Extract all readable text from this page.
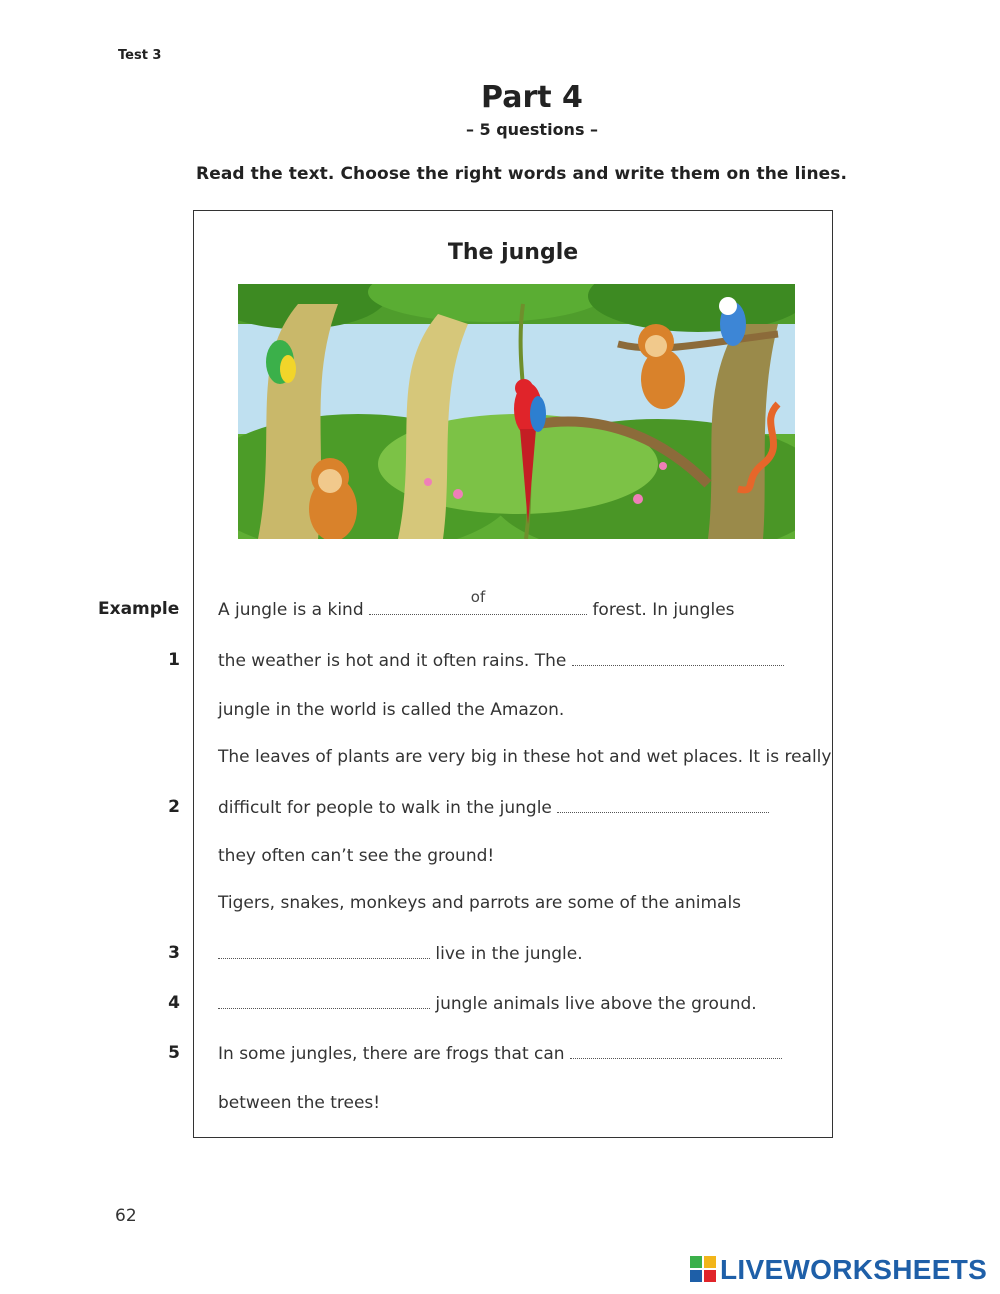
Test 3
Part 4
– 5 questions –
Read the text. Choose the right words and write them on the lines.
The jungle
Example
1
2
3
4
5
A jungle is a kind
of
forest. In jungles
the weather is hot and it often rains. The
jungle in the world is called the Amazon.
The leaves of plants are very big in these hot and wet places. It is really
difficult for people to walk in the jungle
they often can’t see the ground!
Tigers, snakes, monkeys and parrots are some of the animals
live in the jungle.
jungle animals live above the ground.
In some jungles, there are frogs that can
between the trees!
62
LIVEWORKSHEETS
